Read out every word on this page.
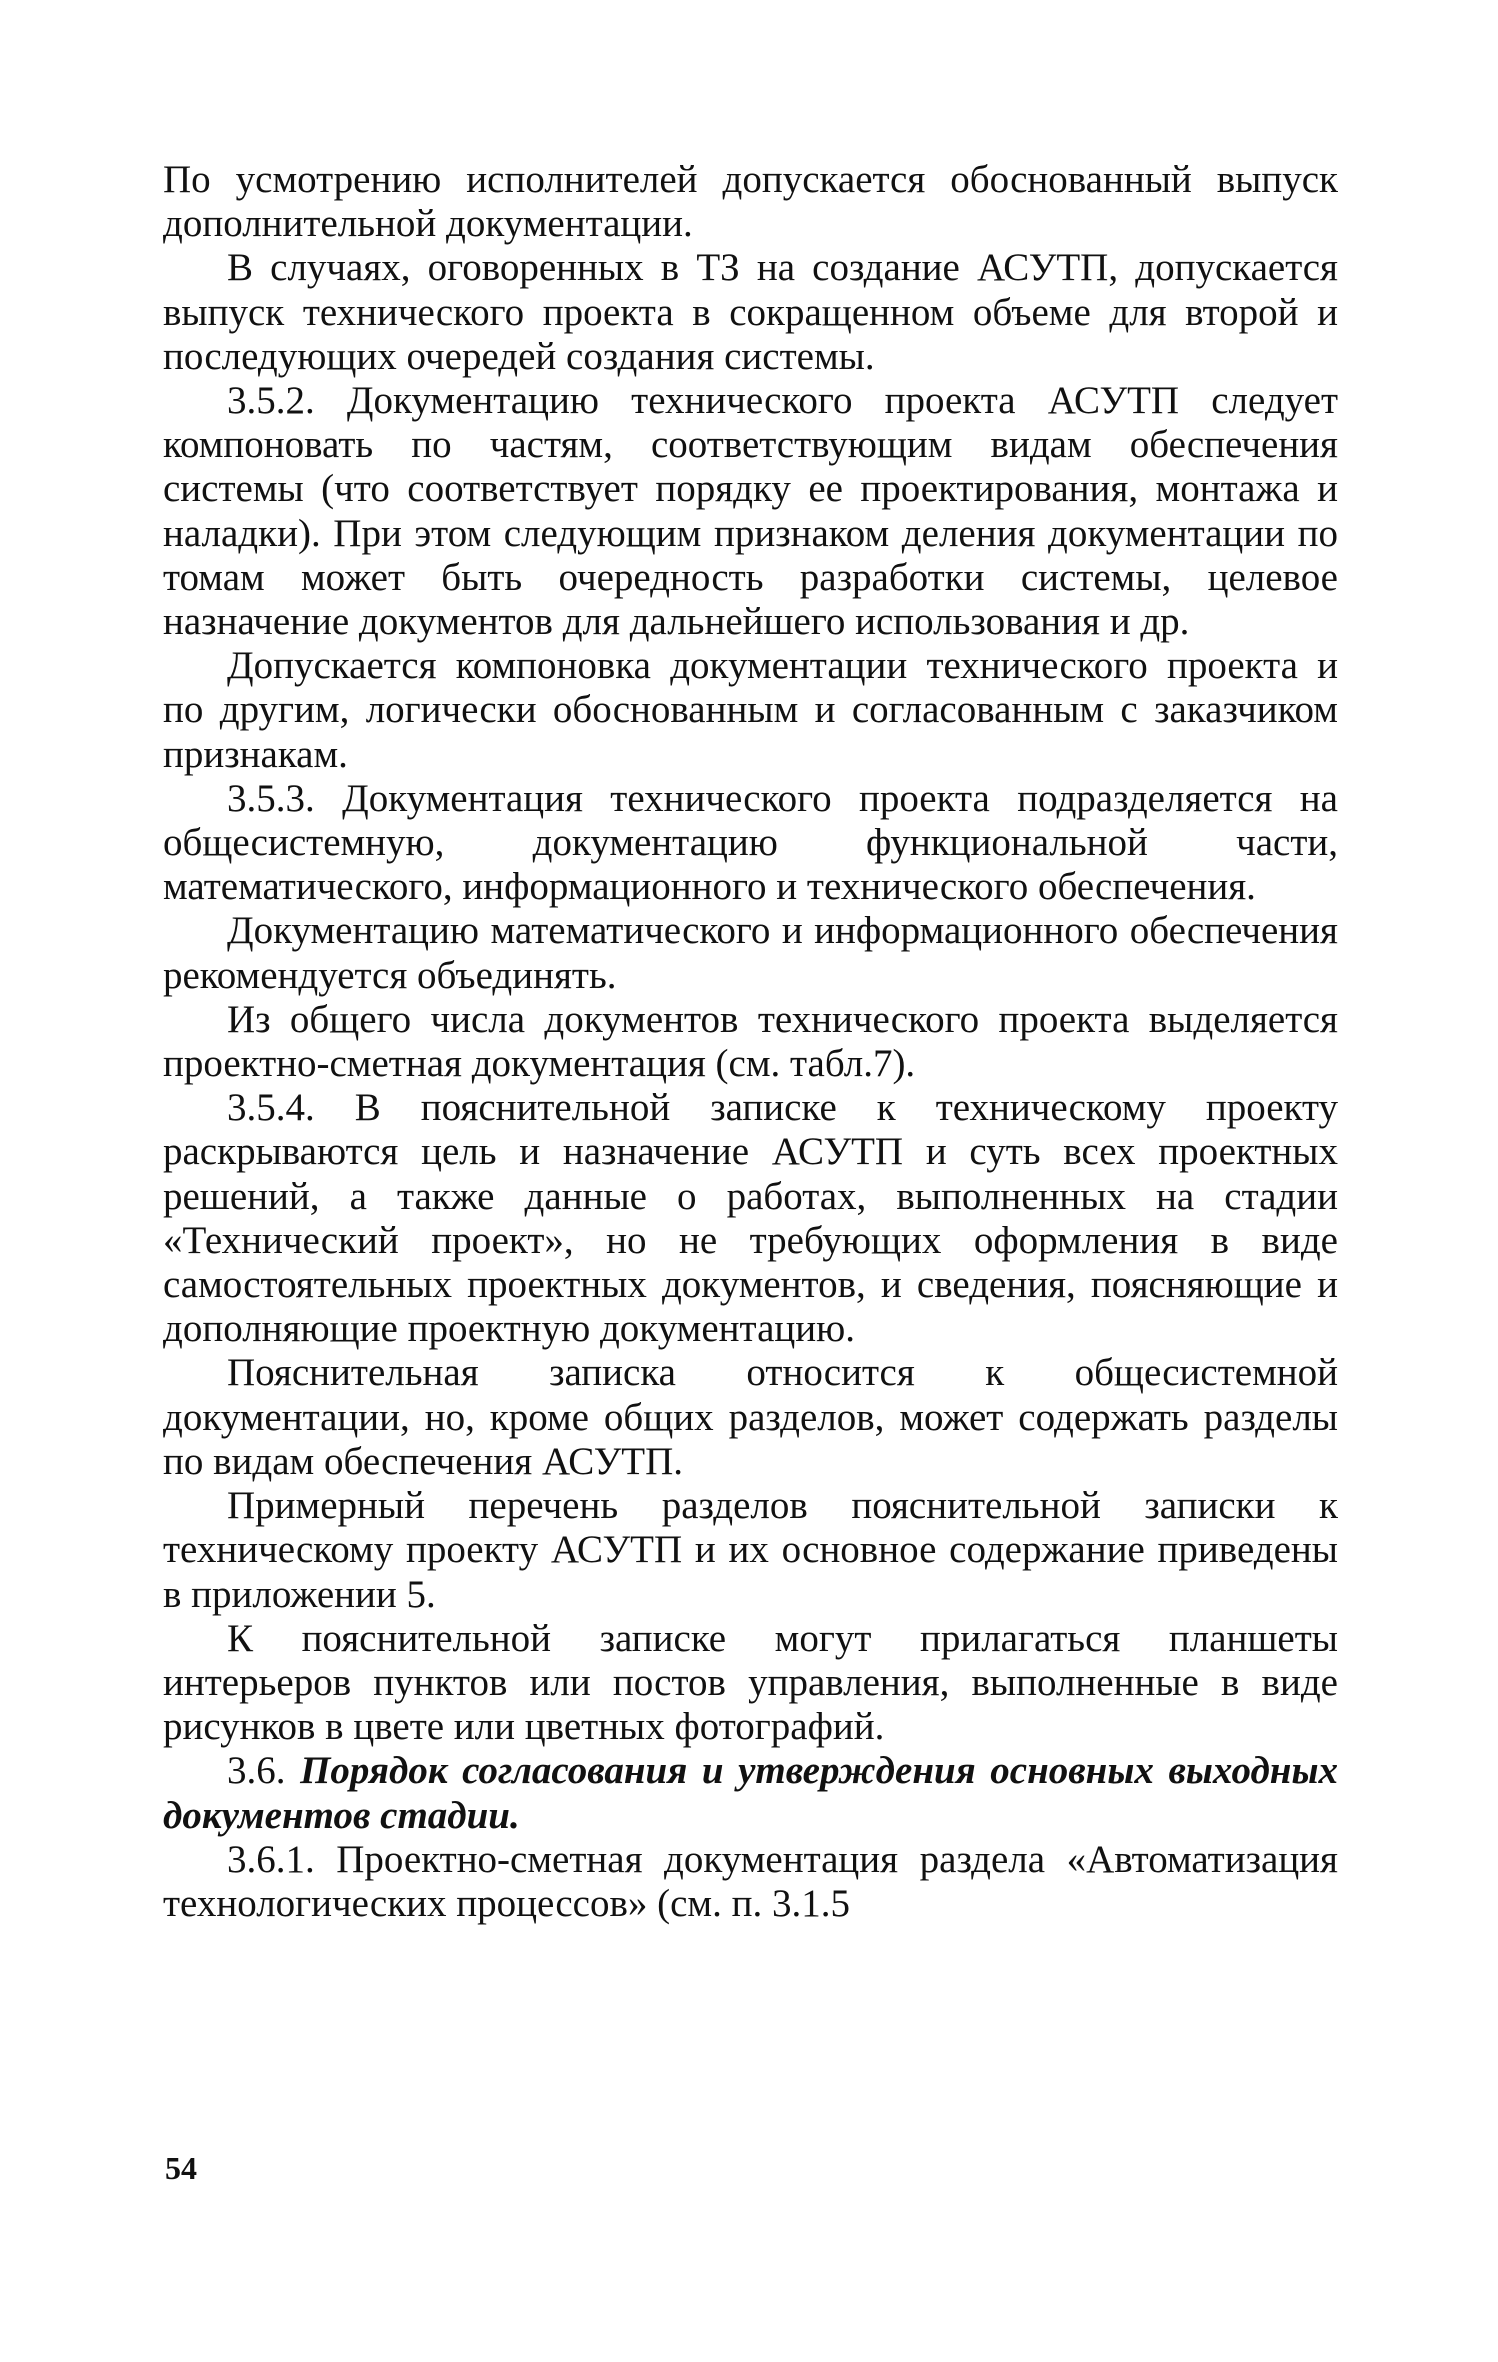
По усмотрению исполнителей допускается обоснованный выпуск дополнительной документации.

В случаях, оговоренных в ТЗ на создание АСУТП, допускается выпуск технического проекта в сокращенном объеме для второй и последующих очередей создания системы.

3.5.2. Документацию технического проекта АСУТП следует компоновать по частям, соответствующим видам обеспечения системы (что соответствует порядку ее проектирования, монтажа и наладки). При этом следующим признаком деления документации по томам может быть очередность разработки системы, целевое назначение документов для дальнейшего использования и др.

Допускается компоновка документации технического проекта и по другим, логически обоснованным и согласованным с заказчиком признакам.

3.5.3. Документация технического проекта подразделяется на общесистемную, документацию функциональной части, математического, информационного и технического обеспечения.

Документацию математического и информационного обеспечения рекомендуется объединять.

Из общего числа документов технического проекта выделяется проектно-сметная документация (см. табл.7).

3.5.4. В пояснительной записке к техническому проекту раскрываются цель и назначение АСУТП и суть всех проектных решений, а также данные о работах, выполненных на стадии «Технический проект», но не требующих оформления в виде самостоятельных проектных документов, и сведения, поясняющие и дополняющие проектную документацию.

Пояснительная записка относится к общесистемной документации, но, кроме общих разделов, может содержать разделы по видам обеспечения АСУТП.

Примерный перечень разделов пояснительной записки к техническому проекту АСУТП и их основное содержание приведены в приложении 5.

К пояснительной записке могут прилагаться планшеты интерьеров пунктов или постов управления, выполненные в виде рисунков в цвете или цветных фотографий.

3.6. Порядок согласования и утверждения основных выходных документов стадии.

3.6.1. Проектно-сметная документация раздела «Автоматизация технологических процессов» (см. п. 3.1.5

54
